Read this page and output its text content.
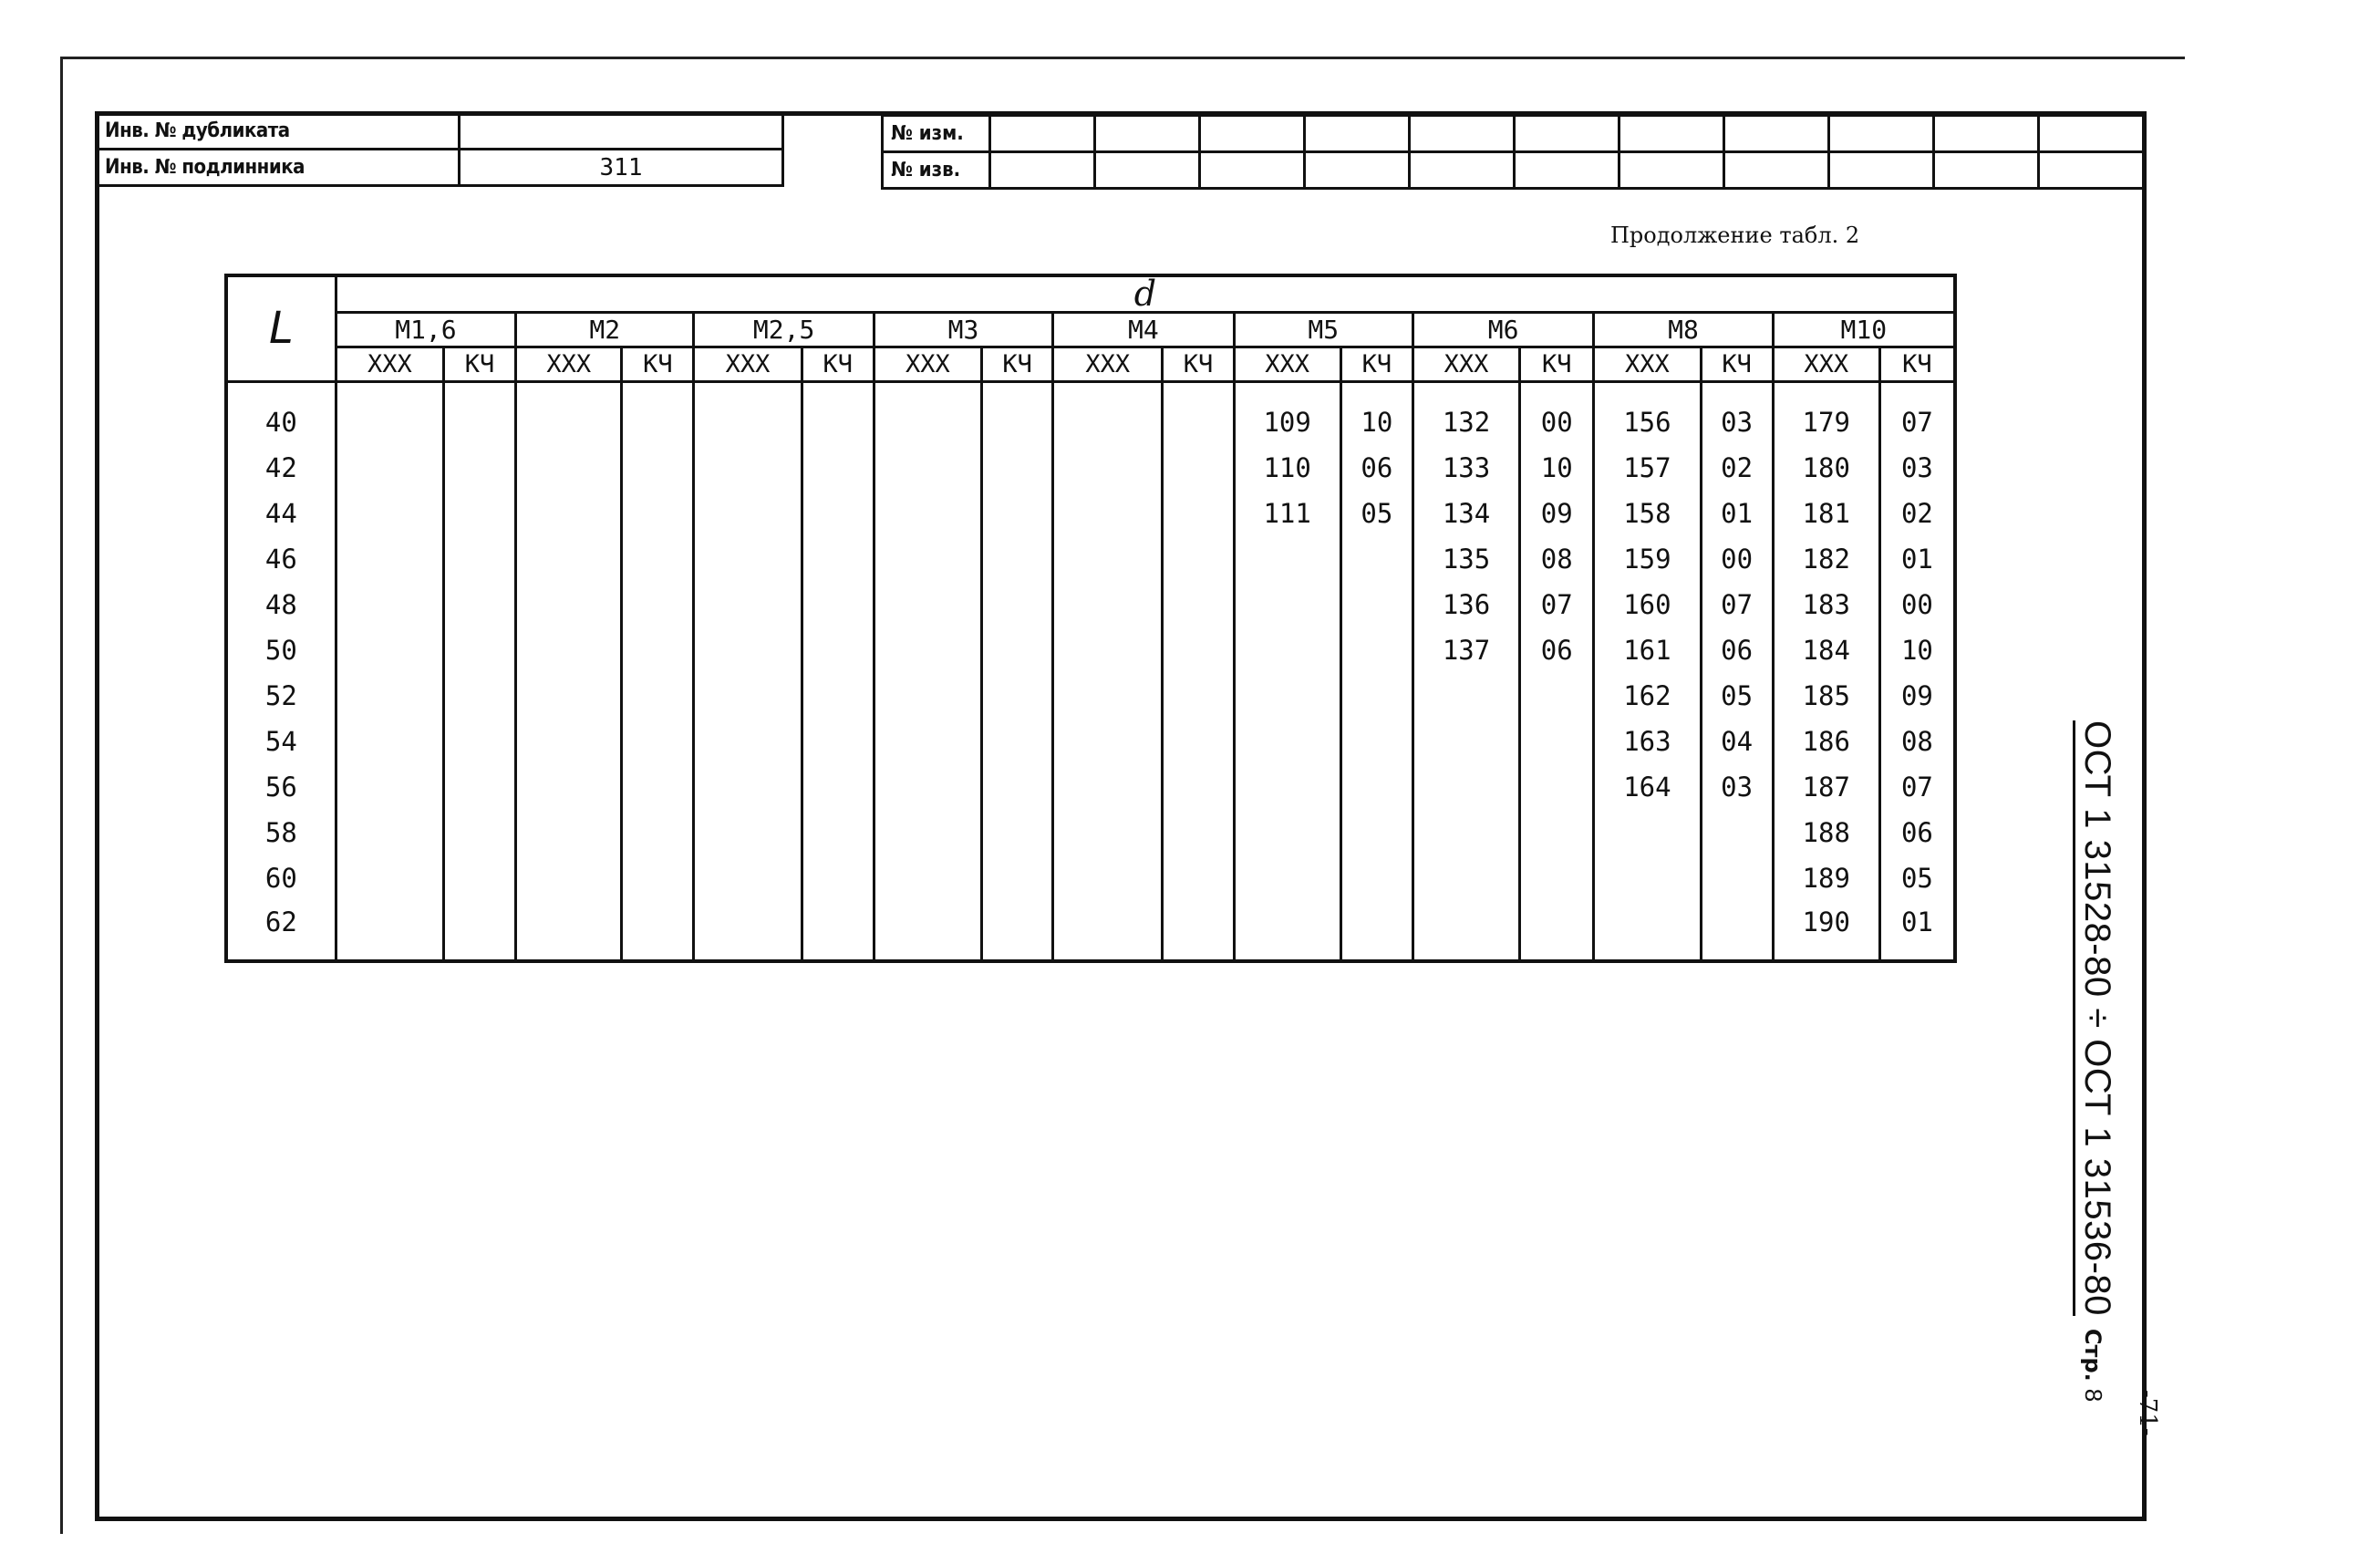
Инв. № дубликата	
Инв. № подлинника	311
№ изм.											
№ изв.											
Продолжение табл. 2
L	d																	
	М1,6		М2		М2,5		М3		М4		М5		М6		М8		М10	
	ХХХ	КЧ	ХХХ	КЧ	ХХХ	КЧ	ХХХ	КЧ	ХХХ	КЧ	ХХХ	КЧ	ХХХ	КЧ	ХХХ	КЧ	ХХХ	КЧ

40											109	10	132	00	156	03	179	07
42											110	06	133	10	157	02	180	03
44											111	05	134	09	158	01	181	02
46													135	08	159	00	182	01
48													136	07	160	07	183	00
50													137	06	161	06	184	10
52															162	05	185	09
54															163	04	186	08
56															164	03	187	07
58																	188	06
60																	189	05
62																	190	01	ОСТ 1 31528-80 ÷ ОСТ 1 31536-80Стр.8	-71-
